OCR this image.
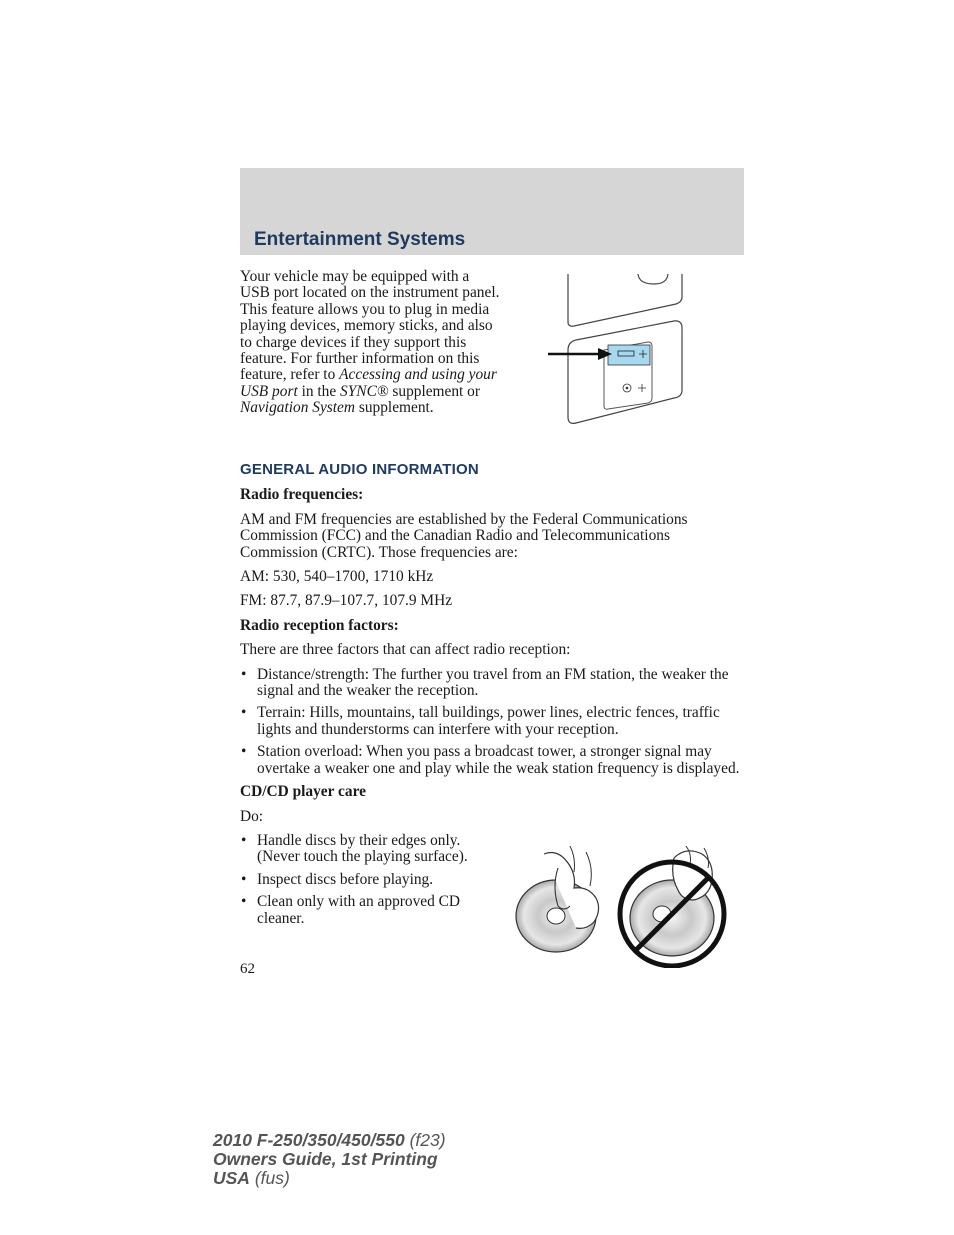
Entertainment Systems
Your vehicle may be equipped with a USB port located on the instrument panel. This feature allows you to plug in media playing devices, memory sticks, and also to charge devices if they support this feature. For further information on this feature, refer to Accessing and using your USB port in the SYNC® supplement or Navigation System supplement.
GENERAL AUDIO INFORMATION
Radio frequencies:
AM and FM frequencies are established by the Federal Communications Commission (FCC) and the Canadian Radio and Telecommunications Commission (CRTC). Those frequencies are:
AM: 530, 540–1700, 1710 kHz
FM: 87.7, 87.9–107.7, 107.9 MHz
Radio reception factors:
There are three factors that can affect radio reception:
• Distance/strength: The further you travel from an FM station, the weaker the signal and the weaker the reception.
• Terrain: Hills, mountains, tall buildings, power lines, electric fences, traffic lights and thunderstorms can interfere with your reception.
• Station overload: When you pass a broadcast tower, a stronger signal may overtake a weaker one and play while the weak station frequency is displayed.
CD/CD player care
Do:
• Handle discs by their edges only. (Never touch the playing surface).
• Inspect discs before playing.
• Clean only with an approved CD cleaner.
62
2010 F-250/350/450/550 (f23)
Owners Guide, 1st Printing
USA (fus)
